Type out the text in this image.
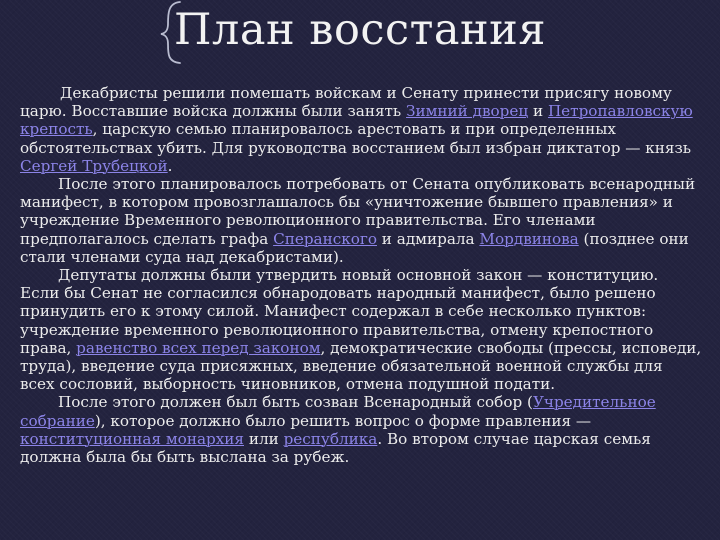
План восстания

Декабристы решили помешать войскам и Сенату принести присягу новому царю. Восставшие войска должны были занять Зимний дворец и Петропавловскую крепость, царскую семью планировалось арестовать и при определенных обстоятельствах убить. Для руководства восстанием был избран диктатор — князь Сергей Трубецкой.

После этого планировалось потребовать от Сената опубликовать всенародный манифест, в котором провозглашалось бы «уничтожение бывшего правления» и учреждение Временного революционного правительства. Его членами предполагалось сделать графа Сперанского и адмирала Мордвинова (позднее они стали членами суда над декабристами).

Депутаты должны были утвердить новый основной закон — конституцию. Если бы Сенат не согласился обнародовать народный манифест, было решено принудить его к этому силой. Манифест содержал в себе несколько пунктов: учреждение временного революционного правительства, отмену крепостного права, равенство всех перед законом, демократические свободы (прессы, исповеди, труда), введение суда присяжных, введение обязательной военной службы для всех сословий, выборность чиновников, отмена подушной подати.

После этого должен был быть созван Всенародный собор (Учредительное собрание), которое должно было решить вопрос о форме правления — конституционная монархия или республика. Во втором случае царская семья должна была бы быть выслана за рубеж.
